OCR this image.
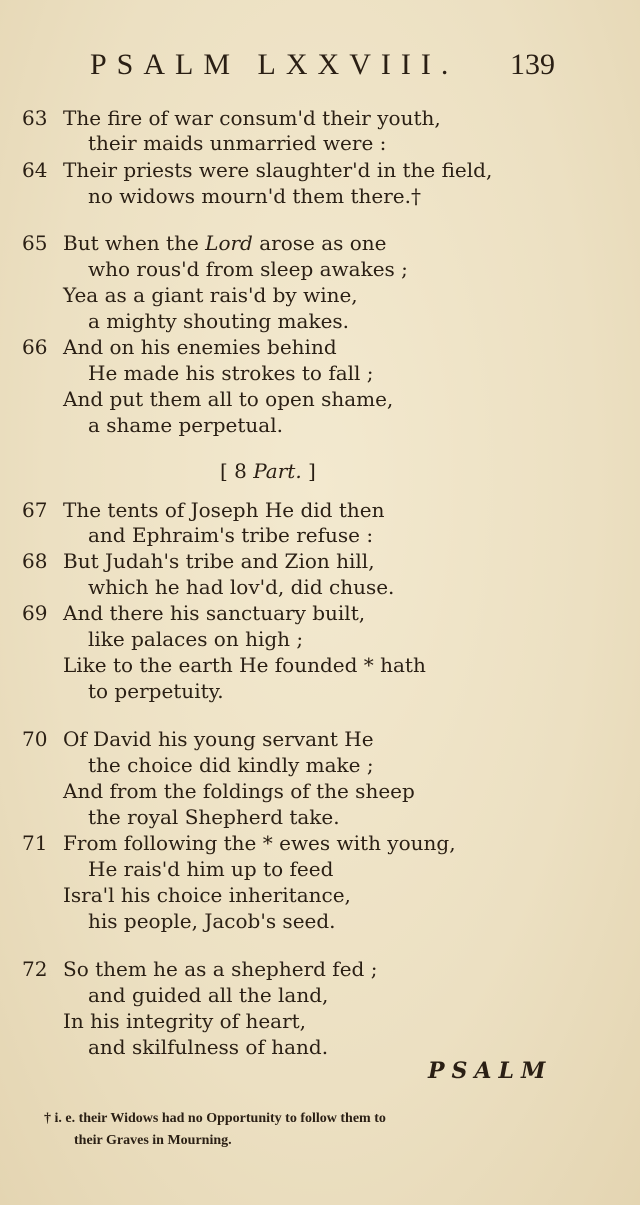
PSALM LXXVIII. 139
63 The fire of war consum'd their youth,
their maids unmarried were :
64 Their priests were slaughter'd in the field,
no widows mourn'd them there.†
65 But when the Lord arose as one
who rous'd from sleep awakes ;
Yea as a giant rais'd by wine,
a mighty shouting makes.
66 And on his enemies behind
He made his strokes to fall ;
And put them all to open shame,
a shame perpetual.
[ 8 Part. ]
67 The tents of Joseph He did then
and Ephraim's tribe refuse :
68 But Judah's tribe and Zion hill,
which he had lov'd, did chuse.
69 And there his sanctuary built,
like palaces on high ;
Like to the earth He founded * hath
to perpetuity.
70 Of David his young servant He
the choice did kindly make ;
And from the foldings of the sheep
the royal Shepherd take.
71 From following the * ewes with young,
He rais'd him up to feed
Isra'l his choice inheritance,
his people, Jacob's seed.
72 So them he as a shepherd fed ;
and guided all the land,
In his integrity of heart,
and skilfulness of hand.
PSALM
† i. e. their Widows had no Opportunity to follow them to
their Graves in Mourning.
